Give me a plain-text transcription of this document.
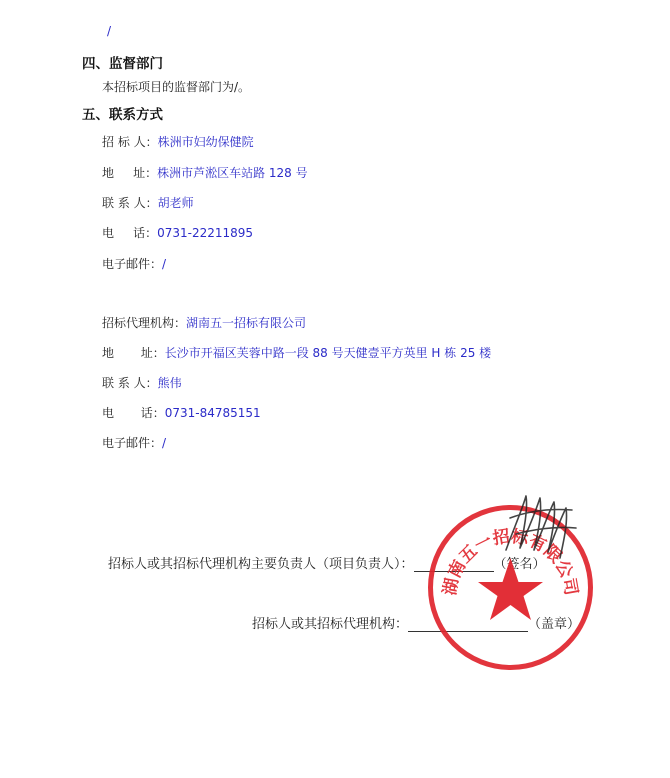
/
四、监督部门
本招标项目的监督部门为/。
五、联系方式
招 标 人：株洲市妇幼保健院
地     址：株洲市芦淞区车站路 128 号
联 系 人：胡老师
电     话：0731-22211895
电子邮件：/
招标代理机构：湖南五一招标有限公司
地       址：长沙市开福区芙蓉中路一段 88 号天健壹平方英里 H 栋 25 楼
联 系 人：熊伟
电       话：0731-84785151
电子邮件：/
招标人或其招标代理机构主要负责人（项目负责人）：	（签名）
招标人或其招标代理机构：	（盖章）
湖南五一招标有限公司
